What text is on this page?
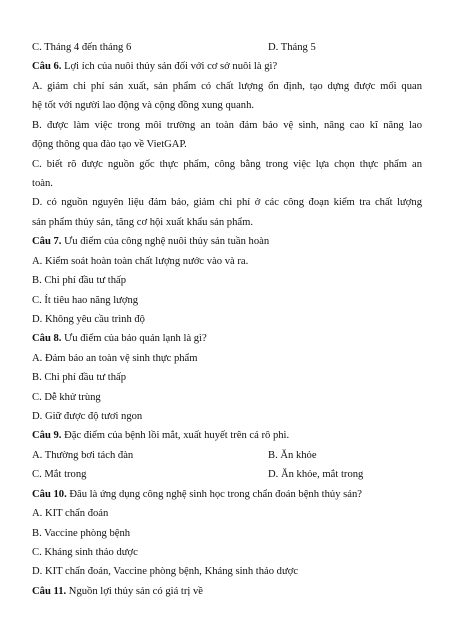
C. Tháng 4 đến tháng 6	D. Tháng 5
Câu 6. Lợi ích của nuôi thủy sản đối với cơ sở nuôi là gì?
A. giảm chi phí sản xuất, sản phẩm có chất lượng ổn định, tạo dựng được mối quan
hệ tốt với người lao động và cộng đồng xung quanh.
B. được làm việc trong môi trường an toàn đảm bảo vệ sinh, nâng cao kĩ năng lao
động thông qua đào tạo về VietGAP.
C. biết rõ được nguồn gốc thực phẩm, công bằng trong việc lựa chọn thực phẩm an
toàn.
D. có nguồn nguyên liệu đảm bảo, giảm chi phí ở các công đoạn kiểm tra chất lượng
sản phẩm thủy sản, tăng cơ hội xuất khẩu sản phẩm.
Câu 7. Ưu điểm của công nghệ nuôi thủy sản tuần hoàn
A. Kiểm soát hoàn toàn chất lượng nước vào và ra.
B. Chi phí đầu tư thấp
C. Ít tiêu hao năng lượng
D. Không yêu cầu trình độ
Câu 8. Ưu điểm của bảo quản lạnh là gì?
A. Đảm bảo an toàn vệ sinh thực phẩm
B. Chi phí đầu tư thấp
C. Dễ khử trùng
D. Giữ được độ tươi ngon
Câu 9. Đặc điểm của bệnh lồi mắt, xuất huyết trên cá rô phi.
A. Thường bơi tách đàn	B. Ăn khỏe
C. Mắt trong	D. Ăn khỏe, mắt trong
Câu 10. Đâu là ứng dụng công nghệ sinh học trong chẩn đoán bệnh thủy sản?
A. KIT chẩn đoán
B. Vaccine phòng bệnh
C. Kháng sinh thảo dược
D. KIT chẩn đoán, Vaccine phòng bệnh, Kháng sinh thảo dược
Câu 11. Nguồn lợi thủy sản có giá trị về
